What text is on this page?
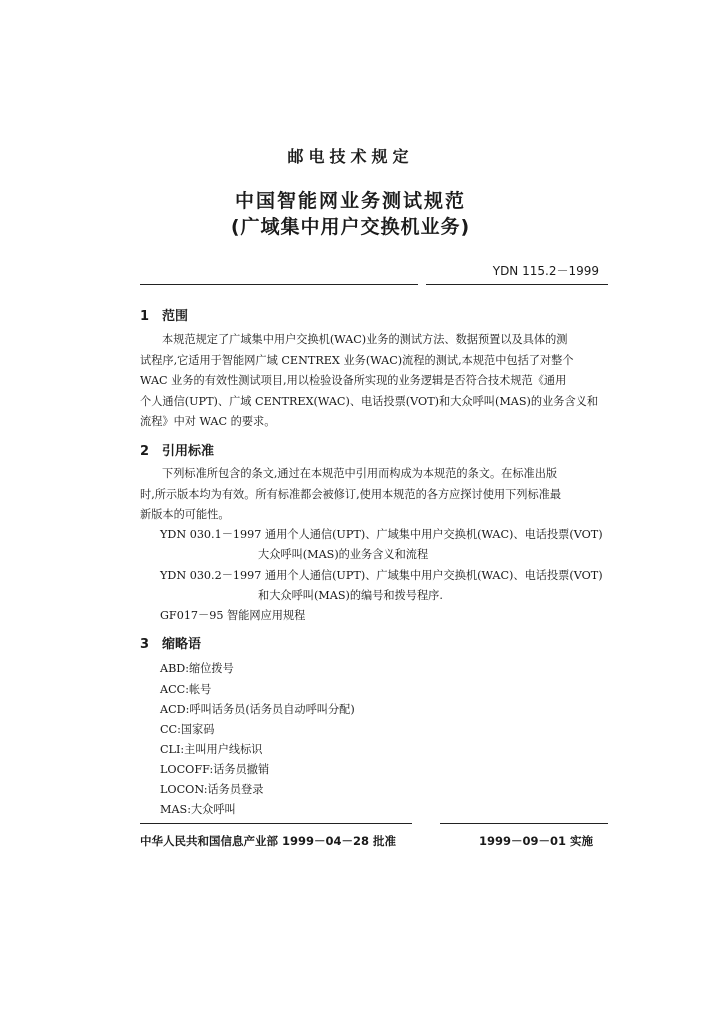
邮电技术规定
中国智能网业务测试规范
(广域集中用户交换机业务)
YDN 115.2－1999
1 范围
本规范规定了广域集中用户交换机(WAC)业务的测试方法、数据预置以及具体的测
试程序,它适用于智能网广域 CENTREX 业务(WAC)流程的测试,本规范中包括了对整个
WAC 业务的有效性测试项目,用以检验设备所实现的业务逻辑是否符合技术规范《通用
个人通信(UPT)、广域 CENTREX(WAC)、电话投票(VOT)和大众呼叫(MAS)的业务含义和
流程》中对 WAC 的要求。
2 引用标准
下列标准所包含的条文,通过在本规范中引用而构成为本规范的条文。在标准出版
时,所示版本均为有效。所有标准都会被修订,使用本规范的各方应探讨使用下列标准最
新版本的可能性。
YDN 030.1－1997 通用个人通信(UPT)、广域集中用户交换机(WAC)、电话投票(VOT)
大众呼叫(MAS)的业务含义和流程
YDN 030.2－1997 通用个人通信(UPT)、广域集中用户交换机(WAC)、电话投票(VOT)
和大众呼叫(MAS)的编号和拨号程序.
GF017－95 智能网应用规程
3 缩略语
ABD:缩位拨号
ACC:帐号
ACD:呼叫话务员(话务员自动呼叫分配)
CC:国家码
CLI:主叫用户线标识
LOCOFF:话务员撤销
LOCON:话务员登录
MAS:大众呼叫
中华人民共和国信息产业部 1999－04－28 批准	1999－09－01 实施
